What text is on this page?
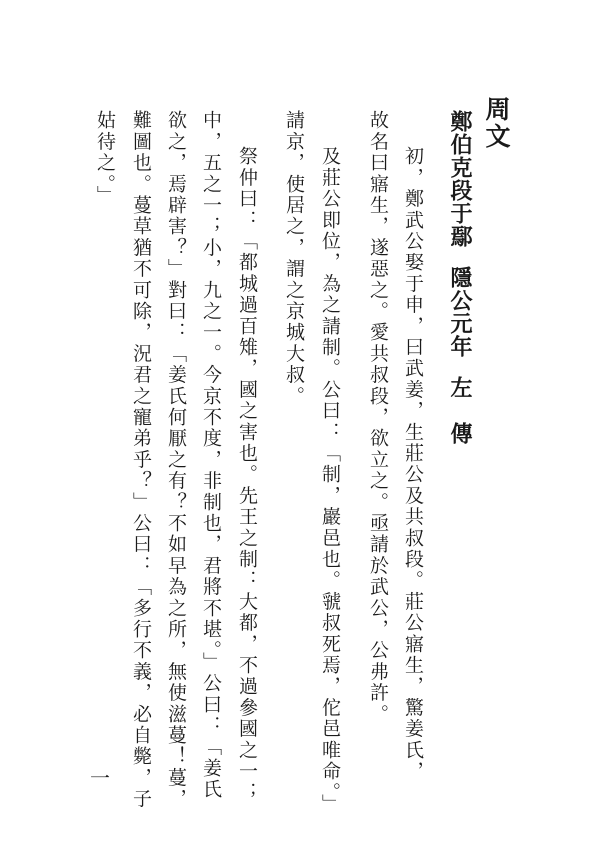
周文
鄭伯克段于鄢隱公元年左　傳
初，鄭武公娶于申，曰武姜，生莊公及共叔段。莊公寤生，驚姜氏，
故名曰寤生，遂惡之。愛共叔段，欲立之。亟請於武公，公弗許。
及莊公即位，為之請制。公曰：「制，巖邑也。虢叔死焉，佗邑唯命。」
請京，使居之，謂之京城大叔。
祭仲曰：「都城過百雉，國之害也。先王之制：大都，不過參國之一；
中，五之一；小，九之一。今京不度，非制也，君將不堪。」公曰：「姜氏
欲之，焉辟害？」對曰：「姜氏何厭之有？不如早為之所，無使滋蔓！蔓，
難圖也。蔓草猶不可除，況君之寵弟乎？」公曰：「多行不義，必自斃，子
姑待之。」
一
